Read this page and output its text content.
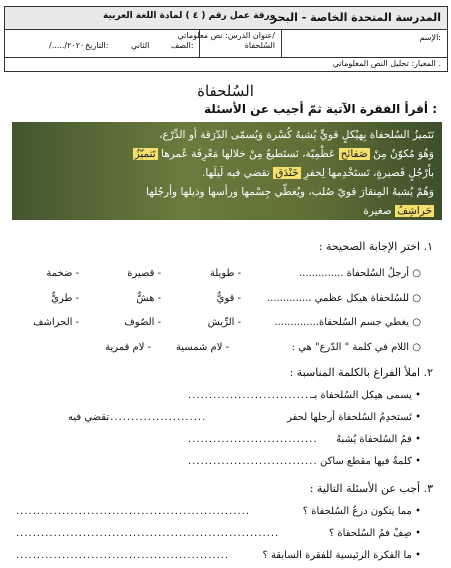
المدرسة المتحدة الخاصة - البحر
ورقة عمل رقم ( ٤ ) لمادة اللغة العربية
الإسم:
عنوان الدرس: نص معلوماتي/
السُلحفاة
الصف:
الثاني
التاريخ:
/...../٢٠٢٠
المعيار: تحليل النص المعلوماتي .
السُلحفاة
أقرأ الفقرة الآتية ثمّ أجيب عن الأسئلة :
تَتَميزُ السُلحفاة بِهيْكلٍ قويٍّ يُشبهُ كُسْرة وَيُسمّى الدّرَقة أو الدِّرْع،
وَهُوَ مُكوّنٌ مِنْ صَفائح عَظْمِيّة، نَستَطيعُ مِنْ خلالها مَعْرِفَة عُمرها تَتميّزُ
بأَرْجُلٍ قَصيرةٍ، تَستَخْدِمها لِحفرِ خَنْدَق تقضي فيه لَيلَها.
وَهُمْ يُشبهُ المِنقارَ قويّ صُلب، ويُغطّي جِسْمها ورأسها وذيلها وأرجُلها
حَراشِفُ صغيرة
١. اختر الإجابة الصحيحة :
○ أرجلُ السُلحفاة ..............
- طويلة
- قصيرة
- ضخمة
○ للسُلحفاة هيكل عظمي ..............
- قويٌّ
- هشٌّ
- طريٌّ
○ يغطي جسم السُلحفاة..............
- الرِّيش
- الصُوف
- الحراشف
○ اللام في كلمة " الدّرع" هي :
- لام شمسية
- لام قمرية
٢. املأ الفراغ بالكلمة المناسبة :
• يسمى هيكل السُلحفاة بـ
...............................
• تَستخدِمُ السُلحفاة أرجلها لحفر
........................
تقضي فيه
• فمُ السُلحفاة يُشبهُ
...............................
• كلمةٌ فيها مقطع ساكن
...............................
٣. أجب عن الأسئلة التالية :
• مما يتكون درعُ السُلحفاة ؟
........................................................
• صِفْ فمُ السُلحفاة ؟
...............................................................
• ما الفكرة الرئيسية للفقرة السابقة ؟
...................................................
